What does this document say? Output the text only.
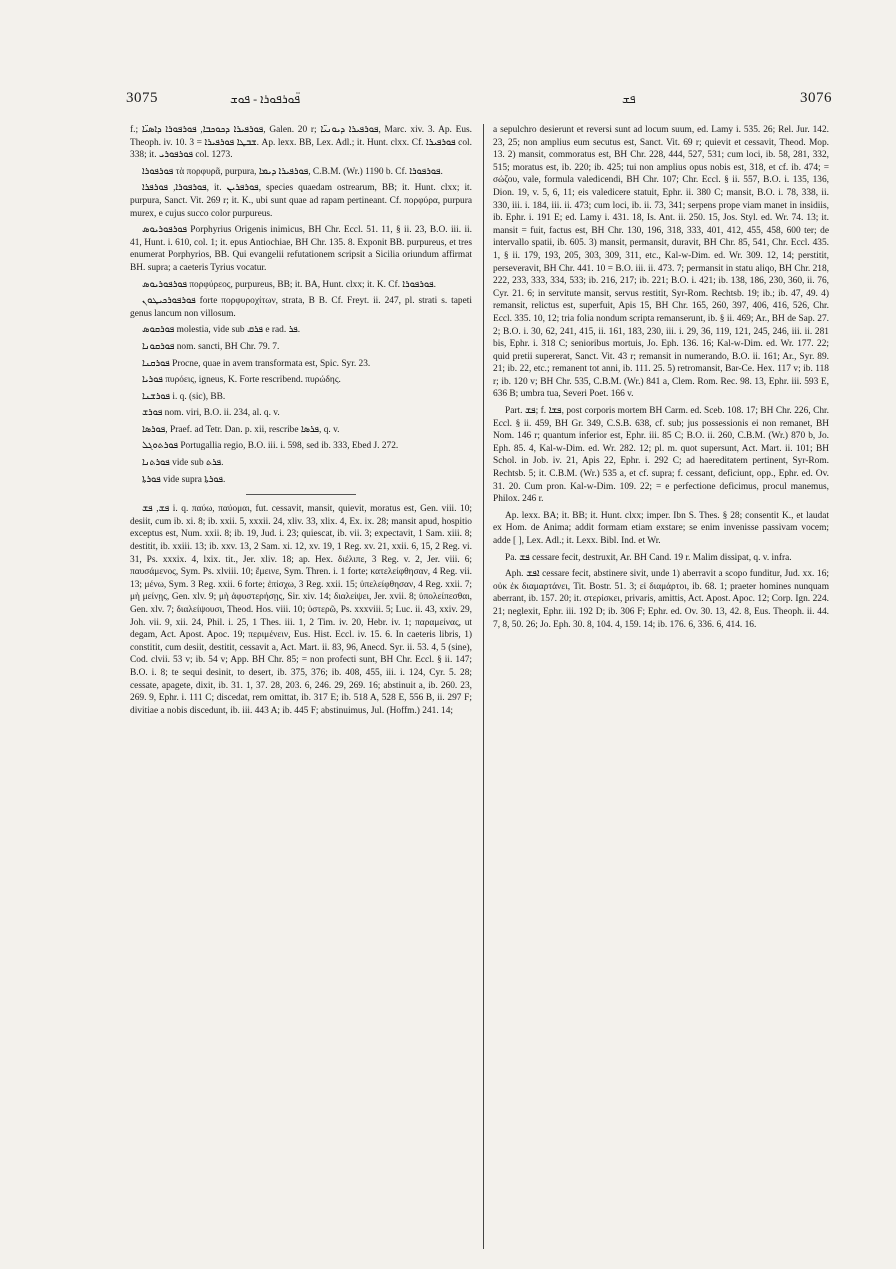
3075	ܦ̈ܘܪܦܘܪܐ - ܦܘܫ	ܦܫ	3076

f.; ܦܘܪܦܝܪܐ ܕܟܘܟܒܐ, ܦܘܪܦܘܪܐ ܕܐܣܝ̈ܐ, Galen. 20 r; ܦܘܪܦܝܪܐ ܕܝܘܢܝ̈ܐ, Marc. xiv. 3. Ap. Eus. Theoph. iv. 10. 3 = ܫܒܛܐ ܦܘܪܦܝܪܐ. Ap. lexx. BB, Lex. Adl.; it. Hunt. clxx. Cf. ܦܘܪܦܝܪܐ col. 338; it. ܦܘܪܦܘܪܝ col. 1273.

ܦܘܪܦܘܪܐ τὰ πορφυρᾶ, purpura, ܦܘܪܦܝܪܐ ܕܝܡܐ, C.B.M. (Wr.) 1190 b. Cf. ܦܘܪܦܘܪܐ.

ܦܘܪܦܘܪܐ, ܦܘܪܦܪܐ, it. ܦܘܪܦܪܝܢ, species quaedam ostrearum, BB; it. Hunt. clxx; it. purpura, Sanct. Vit. 269 r; it. K., ubi sunt quae ad rapam pertineant. Cf. πορφύρα, purpura murex, e cujus succo color purpureus.

ܦܘܪܦܘܪܝܘܣ Porphyrius Origenis inimicus, BH Chr. Eccl. 51. 11, § ii. 23, B.O. iii. ii. 41, Hunt. i. 610, col. 1; it. epus Antiochiae, BH Chr. 135. 8. Exponit BB. purpureus, et tres enumerat Porphyrios, BB. Qui evangelii refutationem scripsit a Sicilia oriundum affirmat BH. supra; a caeteris Tyrius vocatur.

ܦܘܪܦܘܪܝܘܣ πορφύρεος, purpureus, BB; it. BA, Hunt. clxx; it. K. Cf. ܦܘܪܦܘܪܐ.

ܦܘܪܦܘܪܟܝܛܘܢ forte πορφυροχίτων, strata, B B. Cf. Freyt. ii. 247, pl. strati s. tapeti genus lancum non villosum.

ܦܘܪܩܘܣ molestia, vide sub ܦܪܩ e rad. ܦܪ.

ܦܘܪܩܘܢܐ nom. sancti, BH Chr. 79. 7.

ܦܘܪܩܢܐ Procne, quae in avem transformata est, Spic. Syr. 23.

ܦܘܪܝܐ πυρόεις, igneus, K. Forte rescribend. πυρώδης.

ܦܘܪܫܢܐ i. q. (sic), BB.

ܦܘܪܫ nom. viri, B.O. ii. 234, al. q. v.

ܦܘܪܣܐ, Praef. ad Tetr. Dan. p. xii, rescribe ܦܪܣܐ, q. v.

ܦܘܪܬܘܓܠ Portugallia regio, B.O. iii. i. 598, sed ib. 333, Ebed J. 272.

ܦܘܪܬܢܐ vide sub ܦܪܬ.

ܦܘܪܬܐ vide supra ܦܘܪܬܐ.

ܦܫ, ܦܫ i. q. παύω, παύομαι, fut. cessavit, mansit, quievit, moratus est, Gen. viii. 10; desiit, cum ib. xi. 8; ib. xxii. 5, xxxii. 24, xliv. 33, xlix. 4, Ex. ix. 28; mansit apud, hospitio exceptus est, Num. xxii. 8; ib. 19, Jud. i. 23; quiescat, ib. vii. 3; expectavit, 1 Sam. xiii. 8; destitit, ib. xxiii. 13; ib. xxv. 13, 2 Sam. xi. 12, xv. 19, 1 Reg. xv. 21, xxii. 6, 15, 2 Reg. vi. 31, Ps. xxxix. 4, lxix. tit., Jer. xliv. 18; ap. Hex. διέλιπε, 3 Reg. v. 2, Jer. viii. 6; παυσάμενος, Sym. Ps. xlviii. 10; ἔμεινε, Sym. Thren. i. 1 forte; κατελείφθησαν, 4 Reg. vii. 13; μένω, Sym. 3 Reg. xxii. 6 forte; ἐπίσχω, 3 Reg. xxii. 15; ὑπελείφθησαν, 4 Reg. xxii. 7; μὴ μείνῃς, Gen. xlv. 9; μὴ ἀφυστερήσῃς, Sir. xiv. 14; διαλείψει, Jer. xvii. 8; ὑπολείπεσθαι, Gen. xlv. 7; διαλείψουσι, Theod. Hos. viii. 10; ὑστερῶ, Ps. xxxviii. 5; Luc. ii. 43, xxiv. 29, Joh. vii. 9, xii. 24, Phil. i. 25, 1 Thes. iii. 1, 2 Tim. iv. 20, Hebr. iv. 1; παραμείνας, ut degam, Act. Apost. Apoc. 19; περιμένειν, Eus. Hist. Eccl. iv. 15. 6. In caeteris libris, 1) constitit, cum desiit, destitit, cessavit a, Act. Mart. ii. 83, 96, Anecd. Syr. ii. 53. 4, 5 (sine), Cod. clvii. 53 v; ib. 54 v; App. BH Chr. 85; = non profecti sunt, BH Chr. Eccl. § ii. 147; B.O. i. 8; te sequi desinit, to desert, ib. 375, 376; ib. 408, 455, iii. i. 124, Cyr. 5. 28; cessate, apagete, dixit, ib. 31. 1, 37. 28, 203. 6, 246. 29, 269. 16; abstinuit a, ib. 260. 23, 269. 9, Ephr. i. 111 C; discedat, rem omittat, ib. 317 E; ib. 518 A, 528 E, 556 B, ii. 297 F; divitiae a nobis discedunt, ib. iii. 443 A; ib. 445 F; abstinuimus, Jul. (Hoffm.) 241. 14;

a sepulchro desierunt et reversi sunt ad locum suum, ed. Lamy i. 535. 26; Rel. Jur. 142. 23, 25; non amplius eum secutus est, Sanct. Vit. 69 r; quievit et cessavit, Theod. Mop. 13. 2) mansit, commoratus est, BH Chr. 228, 444, 527, 531; cum loci, ib. 58, 281, 332, 515; moratus est, ib. 220; ib. 425; tui non amplius opus nobis est, 318, et cf. ib. 474; = σώζου, vale, formula valedicendi, BH Chr. 107; Chr. Eccl. § ii. 557, B.O. i. 135, 136, Dion. 19, v. 5, 6, 11; eis valedicere statuit, Ephr. ii. 380 C; mansit, B.O. i. 78, 338, ii. 330, iii. i. 184, iii. ii. 473; cum loci, ib. ii. 73, 341; serpens prope viam manet in insidiis, ib. Ephr. i. 191 E; ed. Lamy i. 431. 18, Is. Ant. ii. 250. 15, Jos. Styl. ed. Wr. 74. 13; it. mansit = fuit, factus est, BH Chr. 130, 196, 318, 333, 401, 412, 455, 458, 600 ter; de intervallo spatii, ib. 605. 3) mansit, permansit, duravit, BH Chr. 85, 541, Chr. Eccl. 435. 1, § ii. 179, 193, 205, 303, 309, 311, etc., Kal-w-Dim. ed. Wr. 309. 12, 14; perstitit, perseveravit, BH Chr. 441. 10 = B.O. iii. ii. 473. 7; permansit in statu aliqo, BH Chr. 218, 222, 233, 333, 334, 533; ib. 216, 217; ib. 221; B.O. i. 421; ib. 138, 186, 230, 360, ii. 76, Cyr. 21. 6; in servitute mansit, servus restitit, Syr-Rom. Rechtsb. 19; ib.; ib. 47, 49. 4) remansit, relictus est, superfuit, Apis 15, BH Chr. 165, 260, 397, 406, 416, 526, Chr. Eccl. 335. 10, 12; tria folia nondum scripta remanserunt, ib. § ii. 469; Ar., BH de Sap. 27. 2; B.O. i. 30, 62, 241, 415, ii. 161, 183, 230, iii. i. 29, 36, 119, 121, 245, 246, iii. ii. 281 bis, Ephr. i. 318 C; senioribus mortuis, Jo. Eph. 136. 16; Kal-w-Dim. ed. Wr. 177. 22; quid pretii supererat, Sanct. Vit. 43 r; remansit in numerando, B.O. ii. 161; Ar., Syr. 89. 21; ib. 22, etc.; remanent tot anni, ib. 111. 25. 5) retromansit, Bar-Ce. Hex. 117 v; ib. 118 r; ib. 120 v; BH Chr. 535, C.B.M. (Wr.) 841 a, Clem. Rom. Rec. 98. 13, Ephr. iii. 593 E, 636 B; umbra tua, Severi Poet. 166 v.

Part. ܦܫ; f. ܦܫܐ, post corporis mortem BH Carm. ed. Sceb. 108. 17; BH Chr. 226, Chr. Eccl. § ii. 459, BH Gr. 349, C.S.B. 638, cf. sub; jus possessionis ei non remanet, BH Nom. 146 r; quantum inferior est, Ephr. iii. 85 C; B.O. ii. 260, C.B.M. (Wr.) 870 b, Jo. Eph. 85. 4, Kal-w-Dim. ed. Wr. 282. 12; pl. m. quot supersunt, Act. Mart. ii. 101; BH Schol. in Job. iv. 21, Apis 22, Ephr. i. 292 C; ad haereditatem pertinent, Syr-Rom. Rechtsb. 5; it. C.B.M. (Wr.) 535 a, et cf. supra; f. cessant, deficiunt, opp., Ephr. ed. Ov. 31. 20. Cum pron. Kal-w-Dim. 109. 22; = e perfectione deficimus, procul manemus, Philox. 246 r.

Ap. lexx. BA; it. BB; it. Hunt. clxx; imper. Ibn S. Thes. § 28; consentit K., et laudat ex Hom. de Anima; addit formam etiam exstare; se enim invenisse passivam vocem; adde [ ], Lex. Adl.; it. Lexx. Bibl. Ind. et Wr.

Pa. ܦܫ cessare fecit, destruxit, Ar. BH Cand. 19 r. Malim dissipat, q. v. infra.

Aph. ܐܦܫ cessare fecit, abstinere sivit, unde 1) aberravit a scopo funditur, Jud. xx. 16; οὐκ ἐκ διαμαρτάνει, Tit. Bostr. 51. 3; εἰ διαμάρτοι, ib. 68. 1; praeter homines nunquam aberrant, ib. 157. 20; it. στερίσκει, privaris, amittis, Act. Apost. Apoc. 12; Corp. Ign. 224. 21; neglexit, Ephr. iii. 192 D; ib. 306 F; Ephr. ed. Ov. 30. 13, 42. 8, Eus. Theoph. ii. 44. 7, 8, 50. 26; Jo. Eph. 30. 8, 104. 4, 159. 14; ib. 176. 6, 336. 6, 414. 16.
